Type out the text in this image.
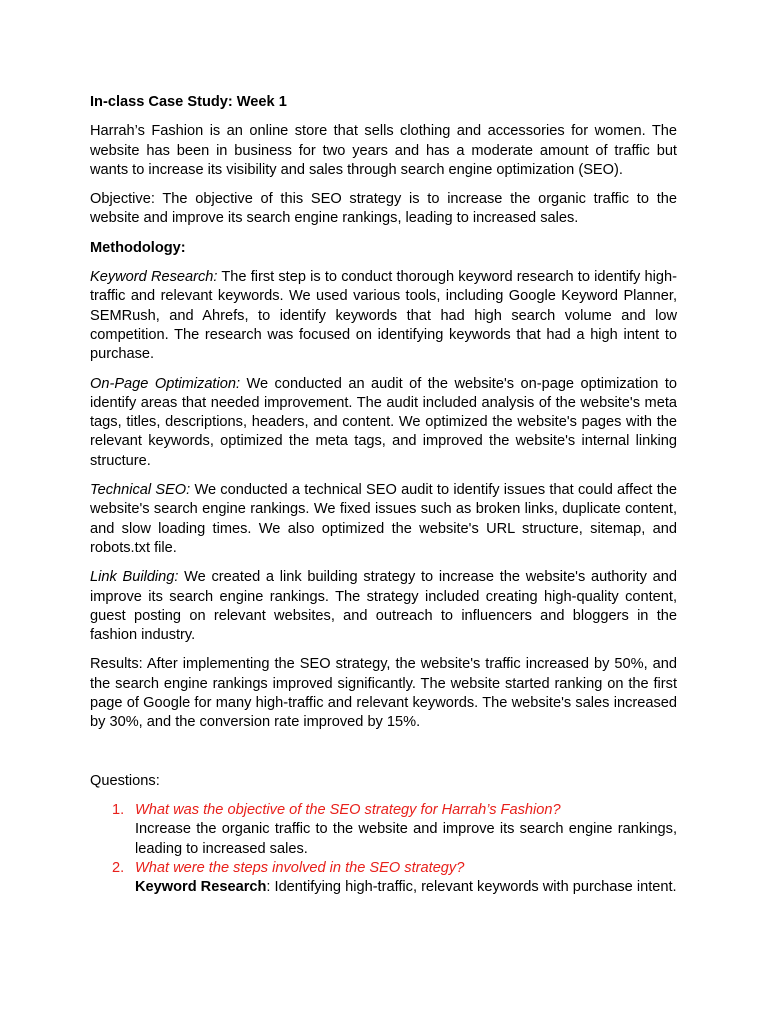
In-class Case Study: Week 1

Harrah’s Fashion is an online store that sells clothing and accessories for women. The website has been in business for two years and has a moderate amount of traffic but wants to increase its visibility and sales through search engine optimization (SEO).

Objective: The objective of this SEO strategy is to increase the organic traffic to the website and improve its search engine rankings, leading to increased sales.

Methodology:

Keyword Research: The first step is to conduct thorough keyword research to identify high-traffic and relevant keywords. We used various tools, including Google Keyword Planner, SEMRush, and Ahrefs, to identify keywords that had high search volume and low competition. The research was focused on identifying keywords that had a high intent to purchase.

On-Page Optimization: We conducted an audit of the website's on-page optimization to identify areas that needed improvement. The audit included analysis of the website's meta tags, titles, descriptions, headers, and content. We optimized the website's pages with the relevant keywords, optimized the meta tags, and improved the website's internal linking structure.

Technical SEO: We conducted a technical SEO audit to identify issues that could affect the website's search engine rankings. We fixed issues such as broken links, duplicate content, and slow loading times. We also optimized the website's URL structure, sitemap, and robots.txt file.

Link Building: We created a link building strategy to increase the website's authority and improve its search engine rankings. The strategy included creating high-quality content, guest posting on relevant websites, and outreach to influencers and bloggers in the fashion industry.

Results: After implementing the SEO strategy, the website's traffic increased by 50%, and the search engine rankings improved significantly. The website started ranking on the first page of Google for many high-traffic and relevant keywords. The website's sales increased by 30%, and the conversion rate improved by 15%.

Questions:
1. What was the objective of the SEO strategy for Harrah’s Fashion?
Increase the organic traffic to the website and improve its search engine rankings, leading to increased sales.
2. What were the steps involved in the SEO strategy?
Keyword Research: Identifying high-traffic, relevant keywords with purchase intent.
